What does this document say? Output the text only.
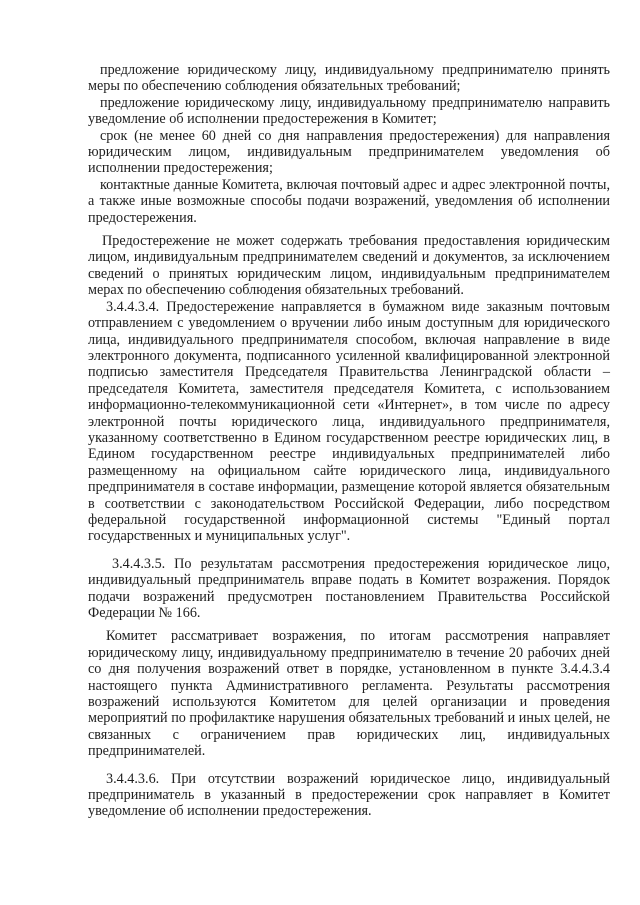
предложение юридическому лицу, индивидуальному предпринимателю принять меры по обеспечению соблюдения обязательных требований;

предложение юридическому лицу, индивидуальному предпринимателю направить уведомление об исполнении предостережения в Комитет;

срок (не менее 60 дней со дня направления предостережения) для направления юридическим лицом, индивидуальным предпринимателем уведомления об исполнении предостережения;

контактные данные Комитета, включая почтовый адрес и адрес электронной почты, а также иные возможные способы подачи возражений, уведомления об исполнении предостережения.

Предостережение не может содержать требования предоставления юридическим лицом, индивидуальным предпринимателем сведений и документов, за исключением сведений о принятых юридическим лицом, индивидуальным предпринимателем мерах по обеспечению соблюдения обязательных требований.

3.4.4.3.4. Предостережение направляется в бумажном виде заказным почтовым отправлением с уведомлением о вручении либо иным доступным для юридического лица, индивидуального предпринимателя способом, включая направление в виде электронного документа, подписанного усиленной квалифицированной электронной подписью заместителя Председателя Правительства Ленинградской области – председателя Комитета, заместителя председателя Комитета, с использованием информационно-телекоммуникационной сети «Интернет», в том числе по адресу электронной почты юридического лица, индивидуального предпринимателя, указанному соответственно в Едином государственном реестре юридических лиц, в Едином государственном реестре индивидуальных предпринимателей либо размещенному на официальном сайте юридического лица, индивидуального предпринимателя в составе информации, размещение которой является обязательным в соответствии с законодательством Российской Федерации, либо посредством федеральной государственной информационной системы "Единый портал государственных и муниципальных услуг".

3.4.4.3.5. По результатам рассмотрения предостережения юридическое лицо, индивидуальный предприниматель вправе подать в Комитет возражения. Порядок подачи возражений предусмотрен постановлением Правительства Российской Федерации № 166.

Комитет рассматривает возражения, по итогам рассмотрения направляет юридическому лицу, индивидуальному предпринимателю в течение 20 рабочих дней со дня получения возражений ответ в порядке, установленном в пункте 3.4.4.3.4 настоящего пункта Административного регламента. Результаты рассмотрения возражений используются Комитетом для целей организации и проведения мероприятий по профилактике нарушения обязательных требований и иных целей, не связанных с ограничением прав юридических лиц, индивидуальных предпринимателей.

3.4.4.3.6. При отсутствии возражений юридическое лицо, индивидуальный предприниматель в указанный в предостережении срок направляет в Комитет уведомление об исполнении предостережения.
